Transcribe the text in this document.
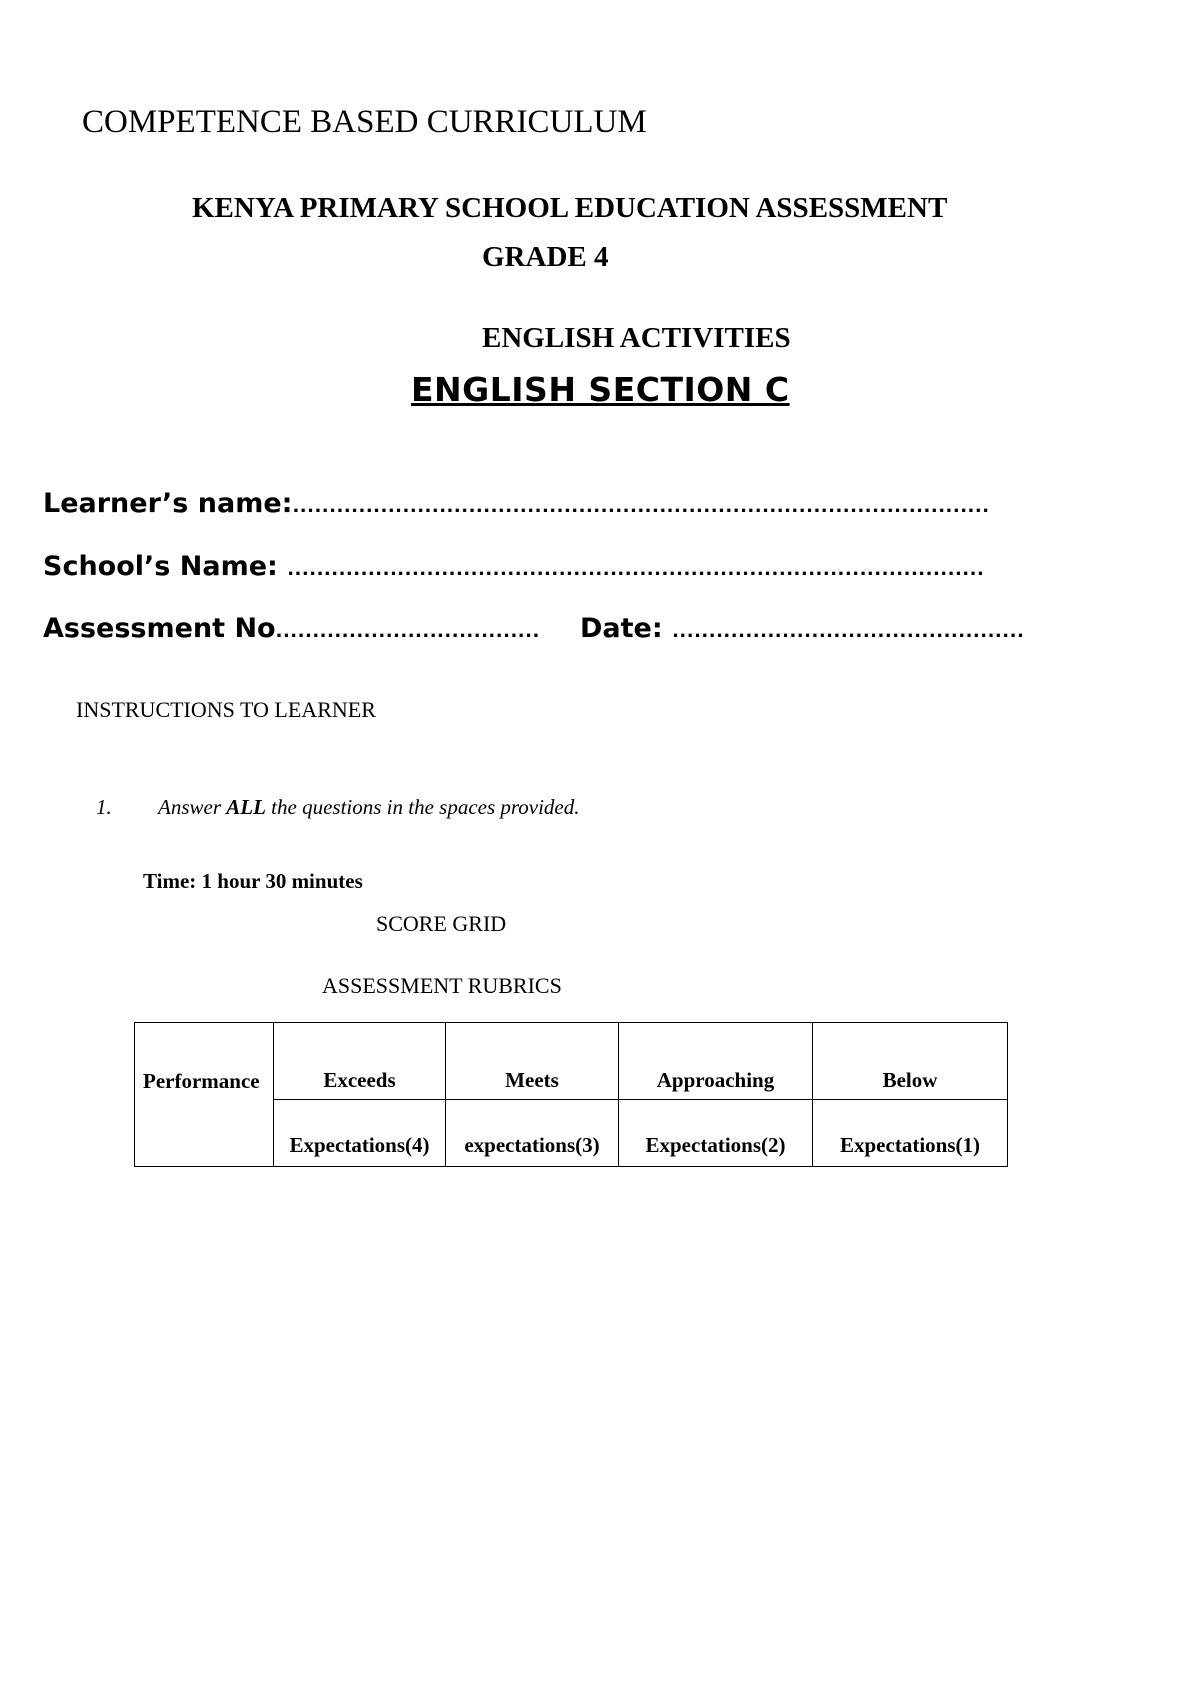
COMPETENCE BASED CURRICULUM
KENYA PRIMARY SCHOOL EDUCATION ASSESSMENT
GRADE 4
ENGLISH ACTIVITIES
ENGLISH SECTION C
Learner’s name:...............................................................................................
School’s Name: ...............................................................................................
Assessment No.................................... Date: ................................................
INSTRUCTIONS TO LEARNER
1. Answer ALL the questions in the spaces provided.
Time: 1 hour 30 minutes
SCORE GRID
ASSESSMENT RUBRICS
Performance	Exceeds	Meets	Approaching	Below
	Expectations(4)	expectations(3)	Expectations(2)	Expectations(1)
